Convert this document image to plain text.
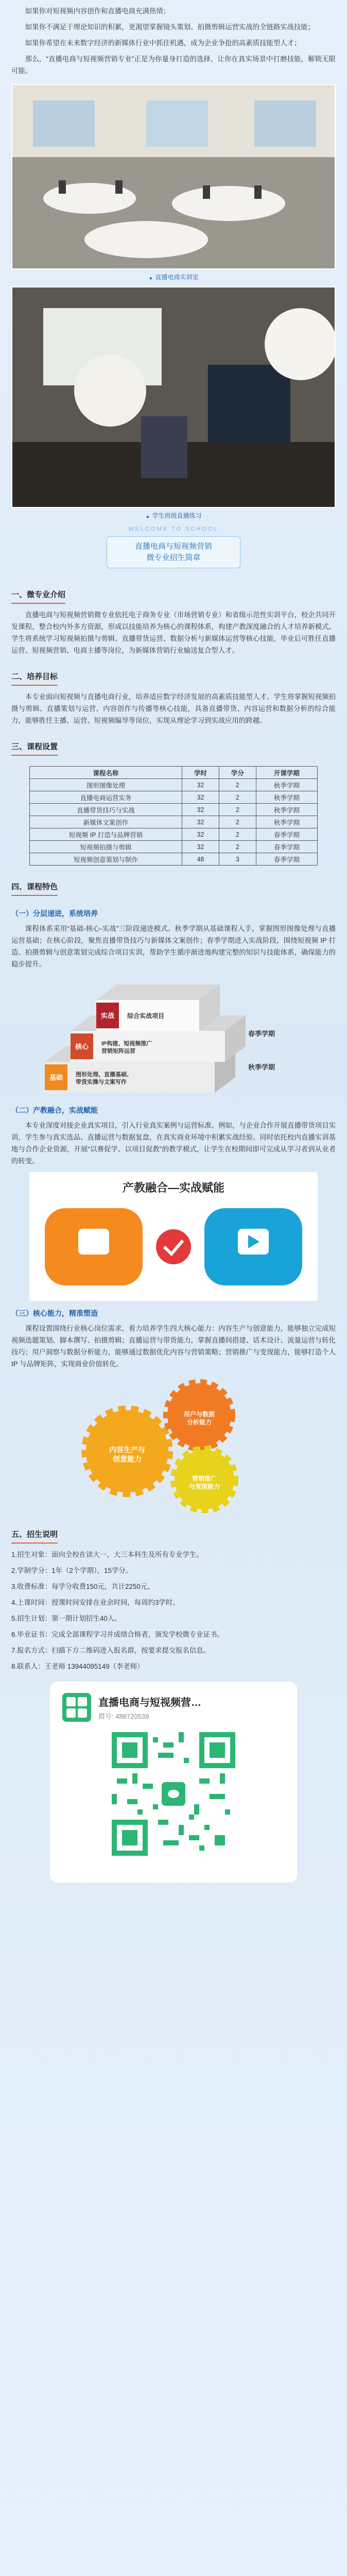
如果你对短视频内容创作和直播电商充满热情；

如果你不满足于理论知识的积累，更渴望掌握镜头策划、拍摄剪辑运营实战的全链路实战技能；

如果你希望在未来数字经济的新媒体行业中抓住机遇，成为企业争抢的高素质技能型人才；

那么，“直播电商与短视频营销专业”正是为你量身打造的选择，让你在真实场景中打磨技能，解锁无限可能。

▲ 直播电商实训室
▲ 学生班级直播练习
WELCOME TO SCHOOL
直播电商与短视频营销
微专业招生简章
一、微专业介绍

直播电商与短视频营销微专业依托电子商务专业（市场营销专业）和省级示范性实训平台，校企共同开发课程，整合校内外多方资源，形成以技能培养为核心的课程体系，构建产教深度融合的人才培养新模式。学生将系统学习短视频拍摄与剪辑、直播带货运营、数据分析与新媒体运营等核心技能，毕业后可胜任直播运营、短视频营销、电商主播等岗位，为新媒体营销行业输送复合型人才。

二、培养目标

本专业面向短视频与直播电商行业，培养适应数字经济发展的高素质技能型人才。学生将掌握短视频拍摄与剪辑、直播策划与运营、内容创作与传播等核心技能，具备直播带货、内容运营和数据分析的综合能力，能够胜任主播、运营、短视频编导等岗位，实现从理论学习到实战应用的跨越。

三、课程设置
课程名称	学时	学分	开课学期
图形图像处理	32	2	秋季学期
直播电商运营实务	32	2	秋季学期
直播带货技巧与实战	32	2	秋季学期
新媒体文案创作	32	2	秋季学期
短视频 IP 打造与品牌营销	32	2	春季学期
短视频拍摄与剪辑	32	2	春季学期
短视频创意策划与制作	48	3	春季学期
四、课程特色
（一）分层递进，系统培养

课程体系采用“基础-核心-实战”三阶段递进模式。秋季学期从基础课程入手，掌握图形图像处理与直播运营基础；在核心阶段，聚焦直播带货技巧与新媒体文案创作；春季学期进入实战阶段，围绕短视频 IP 打造、拍摄剪辑与创意策划完成综合项目实训，帮助学生循序渐进地构建完整的知识与技能体系，确保能力的稳步提升。

基础
核心
实战 综合实战项目
IP构建、短视频推广营销矩阵运营
图形处理、直播基础、带货实操与文案写作
春季学期
秋季学期
（二）产教融合，实战赋能

本专业深度对接企业真实项目，引入行业真实案例与运营标准。例如，与企业合作开展直播带货项目实训，学生参与真实选品、直播运营与数据复盘，在真实商业环境中积累实战经验。同时依托校内直播实训基地与合作企业资源，开展“以赛促学、以项目促教”的教学模式，让学生在校期间即可完成从学习者到从业者的转变。

产教融合—实战赋能
（三）核心能力，精准塑造

课程设置围绕行业核心岗位需求，着力培养学生四大核心能力：内容生产与创意能力，能够独立完成短视频选题策划、脚本撰写、拍摄剪辑；直播运营与带货能力，掌握直播间搭建、话术设计、流量运营与转化技巧；用户洞察与数据分析能力，能够通过数据优化内容与营销策略；营销推广与变现能力，能够打造个人 IP 与品牌矩阵，实现商业价值转化。

内容生产与创意能力
用户与数据分析能力
营销推广与变现能力
五、招生说明

1.招生对象：面向全校在读大一、大三本科生及所有专业学生。

2.学制学分：1年（2个学期），15学分。

3.收费标准：每学分收费150元，共计2250元。

4.上课时间：授课时间安排在业余时间，每周约3学时。

5.招生计划：第一期计划招生40人。

6.毕业证书：完成全部课程学习并成绩合格者，颁发学校微专业证书。

7.报名方式：扫描下方二维码进入报名群，按要求提交报名信息。

8.联系人：王老师 13944095149（李老师）

直播电商与短视频营…
群号: 488720539
